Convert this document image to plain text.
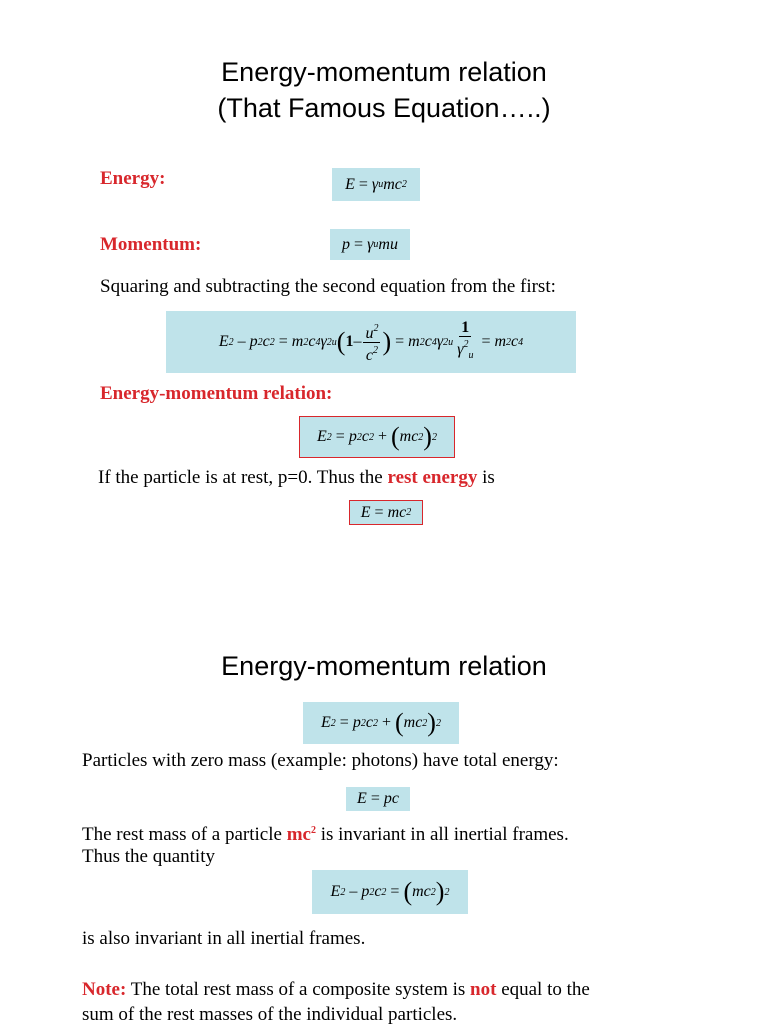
Energy-momentum relation
(That Famous Equation…..)
Energy:	E = γ u mc 2
Momentum:	p = γ u mu
Squaring and subtracting the second equation from the first:
E 2 – p 2 c 2 = m 2 c 4 γ 2 u ( $1 - \frac{u^2}{c^2}$ ) = m 2 c 4 γ 2 u $\frac{1}{\gamma^2_u} = m$ 2 c 4
Energy-momentum relation:
E 2 = p 2 c 2 + ( mc 2 ) 2
If the particle is at rest, p=0. Thus the rest energy is
E = mc 2
Energy-momentum relation
E 2 = p 2 c 2 + ( mc 2 ) 2
Particles with zero mass (example: photons) have total energy:
E = pc
The rest mass of a particle $mc^2$ is invariant in all inertial frames.
Thus the quantity
E 2 – p 2 c 2 = ( mc 2 ) 2
is also invariant in all inertial frames.
Note: The total rest mass of a composite system is not equal to the
sum of the rest masses of the individual particles.
